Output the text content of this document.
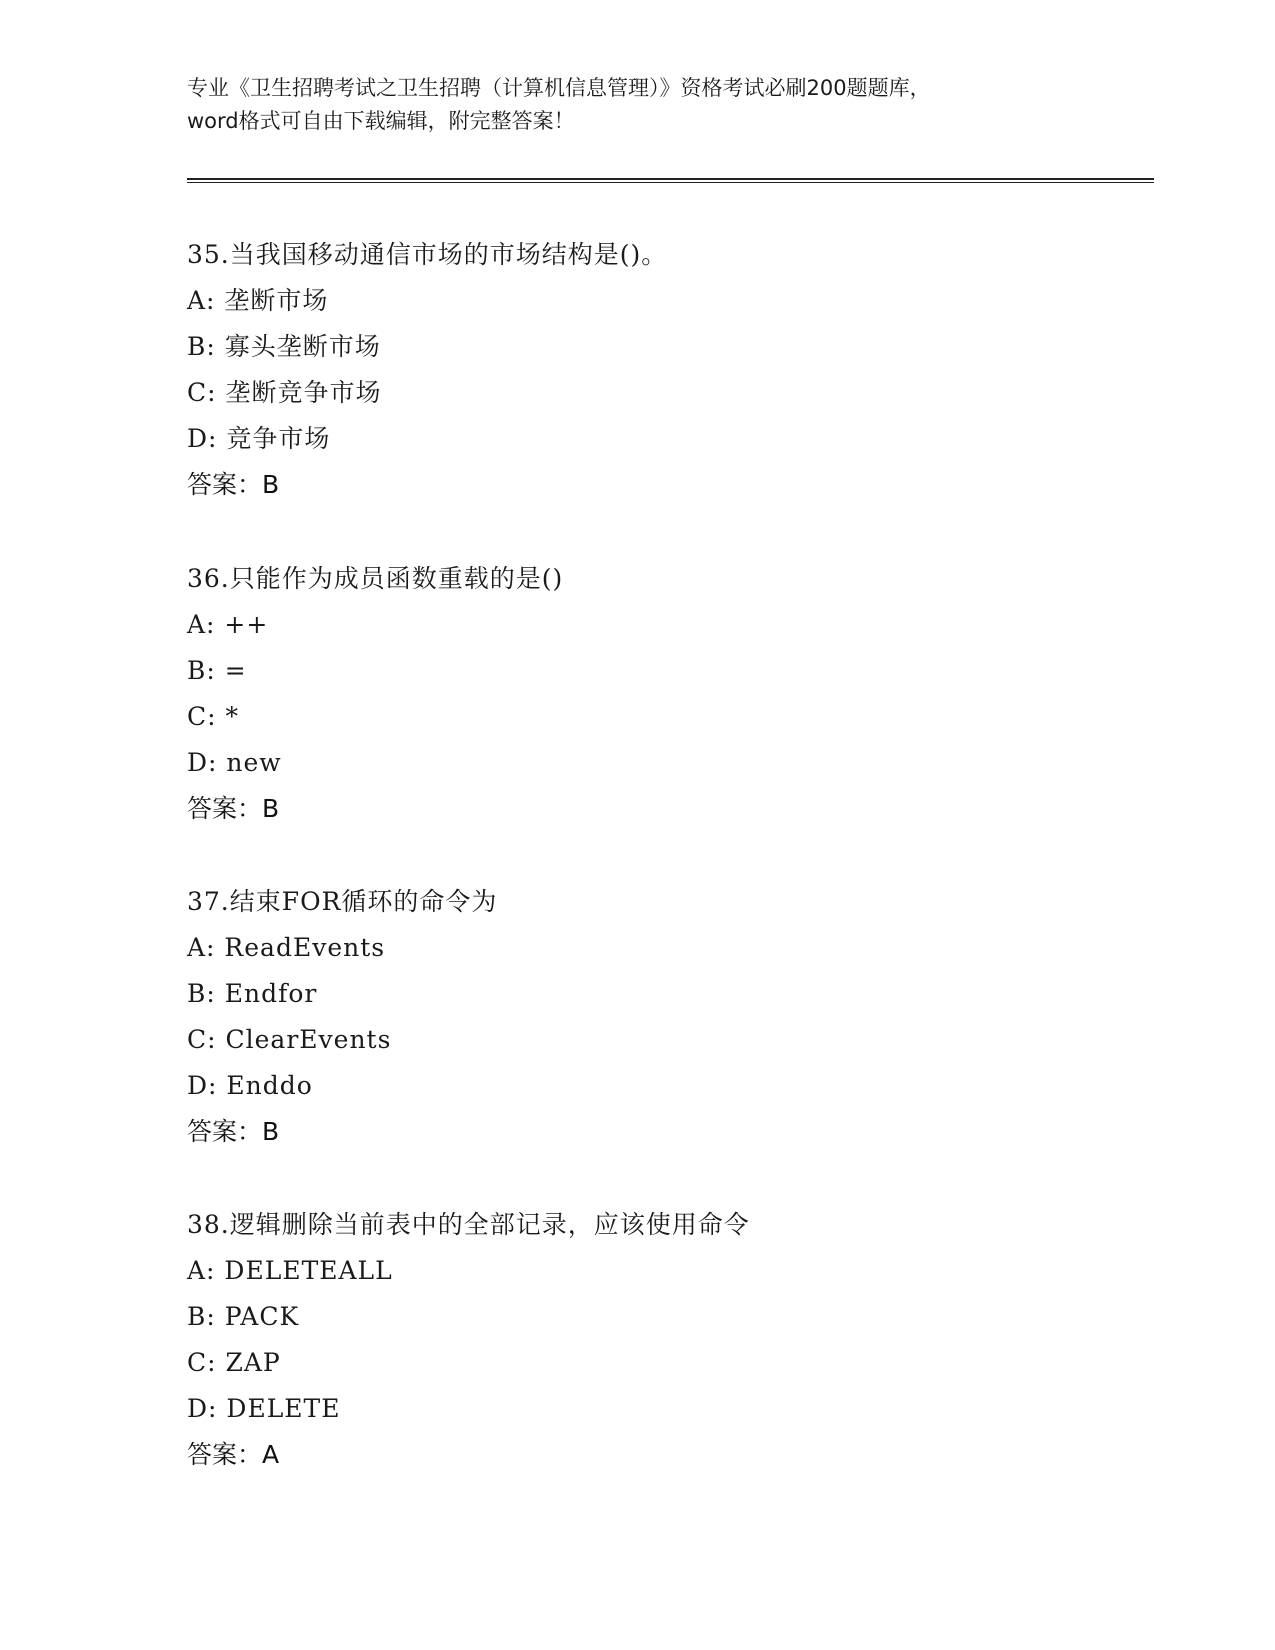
专业《卫生招聘考试之卫生招聘（计算机信息管理）》资格考试必刷200题题库，
word格式可自由下载编辑，附完整答案！
35.当我国移动通信市场的市场结构是()。
A: 垄断市场
B: 寡头垄断市场
C: 垄断竞争市场
D: 竞争市场
答案：B
36.只能作为成员函数重载的是()
A: ++
B: =
C: *
D: new
答案：B
37.结束FOR循环的命令为
A: ReadEvents
B: Endfor
C: ClearEvents
D: Enddo
答案：B
38.逻辑删除当前表中的全部记录，应该使用命令
A: DELETEALL
B: PACK
C: ZAP
D: DELETE
答案：A
